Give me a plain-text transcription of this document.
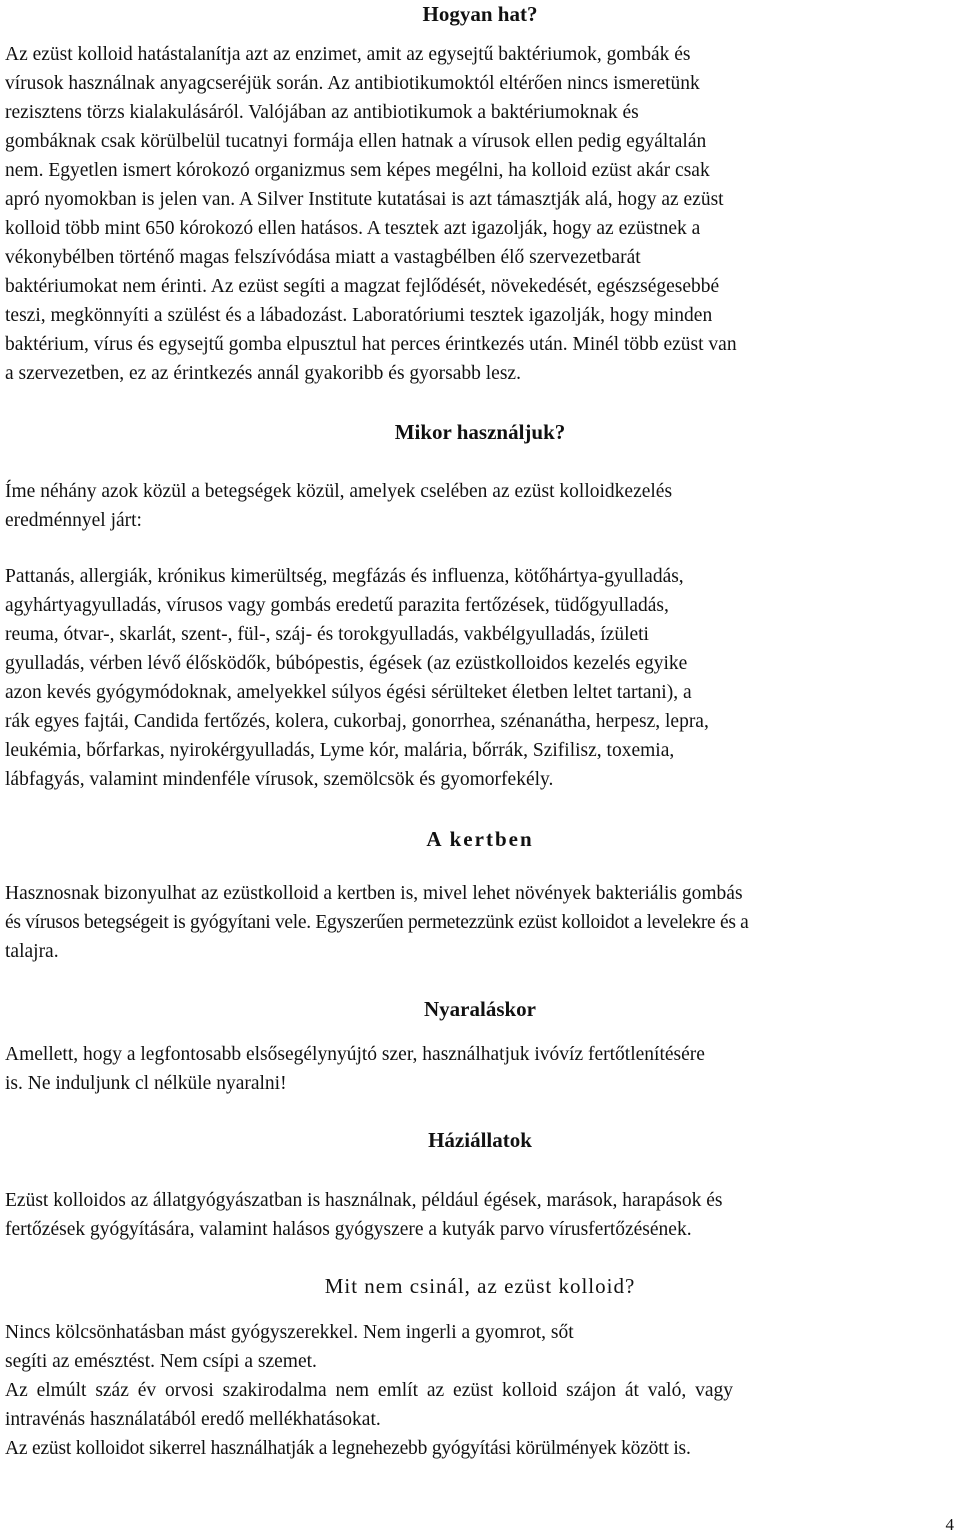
Hogyan hat?
Az ezüst kolloid hatástalanítja azt az enzimet, amit az egysejtű baktériumok, gombák és
vírusok használnak anyagcseréjük során. Az antibiotikumoktól eltérően nincs ismeretünk
rezisztens törzs kialakulásáról. Valójában az antibiotikumok a baktériumoknak és
gombáknak csak körülbelül tucatnyi formája ellen hatnak a vírusok ellen pedig egyáltalán
nem. Egyetlen ismert kórokozó organizmus sem képes megélni, ha kolloid ezüst akár csak
apró nyomokban is jelen van. A Silver Institute kutatásai is azt támasztják alá, hogy az ezüst
kolloid több mint 650 kórokozó ellen hatásos. A tesztek azt igazolják, hogy az ezüstnek a
vékonybélben történő magas felszívódása miatt a vastagbélben élő szervezetbarát
baktériumokat nem érinti. Az ezüst segíti a magzat fejlődését, növekedését, egészségesebbé
teszi, megkönnyíti a szülést és a lábadozást. Laboratóriumi tesztek igazolják, hogy minden
baktérium, vírus és egysejtű gomba elpusztul hat perces érintkezés után. Minél több ezüst van
a szervezetben, ez az érintkezés annál gyakoribb és gyorsabb lesz.
Mikor használjuk?
Íme néhány azok közül a betegségek közül, amelyek cselében az ezüst kolloidkezelés
eredménnyel járt:
Pattanás, allergiák, krónikus kimerültség, megfázás és influenza, kötőhártya-gyulladás,
agyhártyagyulladás, vírusos vagy gombás eredetű parazita fertőzések, tüdőgyulladás,
reuma, ótvar-, skarlát, szent-, fül-, száj- és torokgyulladás, vakbélgyulladás, ízületi
gyulladás, vérben lévő élősködők, búbópestis, égések (az ezüstkolloidos kezelés egyike
azon kevés gyógymódoknak, amelyekkel súlyos égési sérülteket életben leltet tartani), a
rák egyes fajtái, Candida fertőzés, kolera, cukorbaj, gonorrhea, szénanátha, herpesz, lepra,
leukémia, bőrfarkas, nyirokérgyulladás, Lyme kór, malária, bőrrák, Szifilisz, toxemia,
lábfagyás, valamint mindenféle vírusok, szemölcsök és gyomorfekély.
A kertben
Hasznosnak bizonyulhat az ezüstkolloid a kertben is, mivel lehet növények bakteriális gombás
és vírusos betegségeit is gyógyítani vele. Egyszerűen permetezzünk ezüst kolloidot a levelekre és a
talajra.
Nyaraláskor
Amellett, hogy a legfontosabb elsősegélynyújtó szer, használhatjuk ivóvíz fertőtlenítésére
is. Ne induljunk cl nélküle nyaralni!
Háziállatok
Ezüst kolloidos az állatgyógyászatban is használnak, például égések, marások, harapások és
fertőzések gyógyítására, valamint halásos gyógyszere a kutyák parvo vírusfertőzésének.
Mit nem csinál, az ezüst kolloid?
Nincs kölcsönhatásban mást gyógyszerekkel. Nem ingerli a gyomrot, sőt
segíti az emésztést. Nem csípi a szemet.
Az elmúlt száz év orvosi szakirodalma nem említ az ezüst kolloid szájon át való, vagy
intravénás használatából eredő mellékhatásokat.
Az ezüst kolloidot sikerrel használhatják a legnehezebb gyógyítási körülmények között is.
4
